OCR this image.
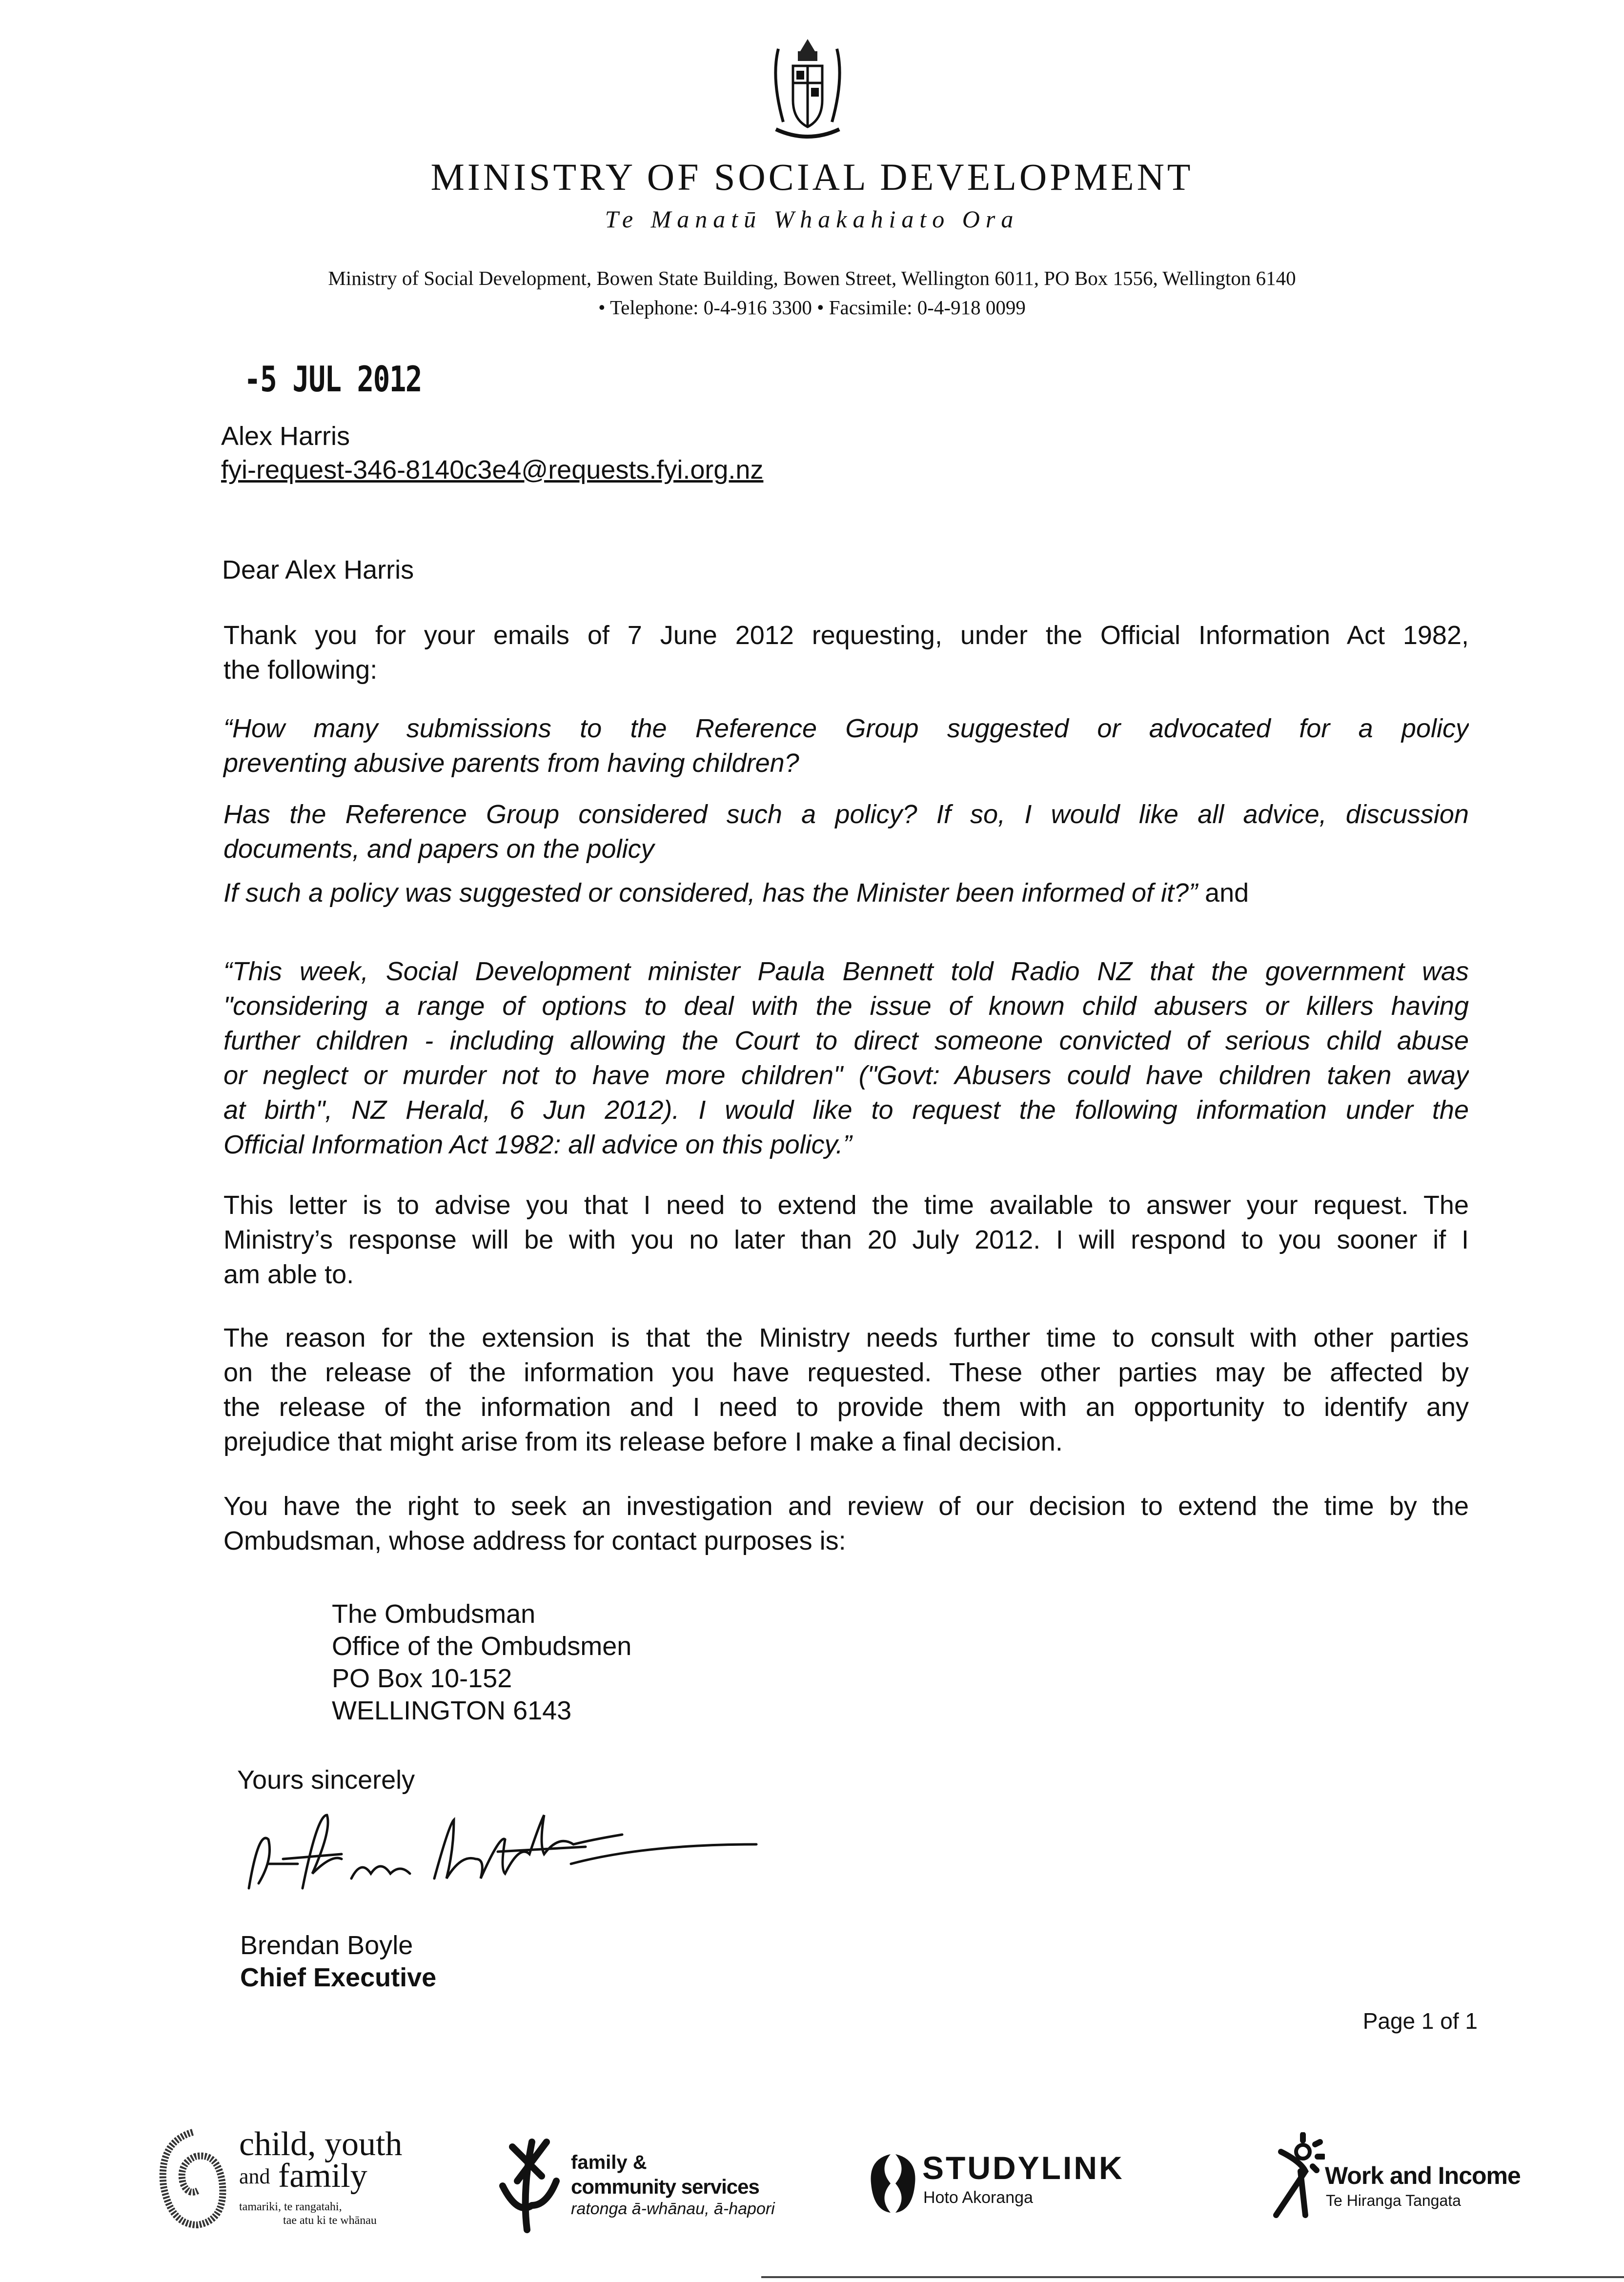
MINISTRY OF SOCIAL DEVELOPMENT
Te Manatū Whakahiato Ora
Ministry of Social Development, Bowen State Building, Bowen Street, Wellington 6011, PO Box 1556, Wellington 6140
• Telephone: 0-4-916 3300 • Facsimile: 0-4-918 0099
-5 JUL 2012
Alex Harris
fyi-request-346-8140c3e4@requests.fyi.org.nz
Dear Alex Harris
Thank you for your emails of 7 June 2012 requesting, under the Official Information Act 1982,
the following:
“How many submissions to the Reference Group suggested or advocated for a policy
preventing abusive parents from having children?
Has the Reference Group considered such a policy? If so, I would like all advice, discussion
documents, and papers on the policy
If such a policy was suggested or considered, has the Minister been informed of it?” and
“This week, Social Development minister Paula Bennett told Radio NZ that the government was
"considering a range of options to deal with the issue of known child abusers or killers having
further children - including allowing the Court to direct someone convicted of serious child abuse
or neglect or murder not to have more children" ("Govt: Abusers could have children taken away
at birth", NZ Herald, 6 Jun 2012). I would like to request the following information under the
Official Information Act 1982: all advice on this policy.”
This letter is to advise you that I need to extend the time available to answer your request. The
Ministry’s response will be with you no later than 20 July 2012. I will respond to you sooner if I
am able to.
The reason for the extension is that the Ministry needs further time to consult with other parties
on the release of the information you have requested. These other parties may be affected by
the release of the information and I need to provide them with an opportunity to identify any
prejudice that might arise from its release before I make a final decision.
You have the right to seek an investigation and review of our decision to extend the time by the
Ombudsman, whose address for contact purposes is:
The Ombudsman
Office of the Ombudsmen
PO Box 10-152
WELLINGTON 6143
Yours sincerely
Brendan Boyle
Chief Executive
Page 1 of 1
child, youth
and family
tamariki, te rangatahi,
tae atu ki te whānau
family &
community services
ratonga ā-whānau, ā-hapori
STUDYLINK
Hoto Akoranga
Work and Income
Te Hiranga Tangata
